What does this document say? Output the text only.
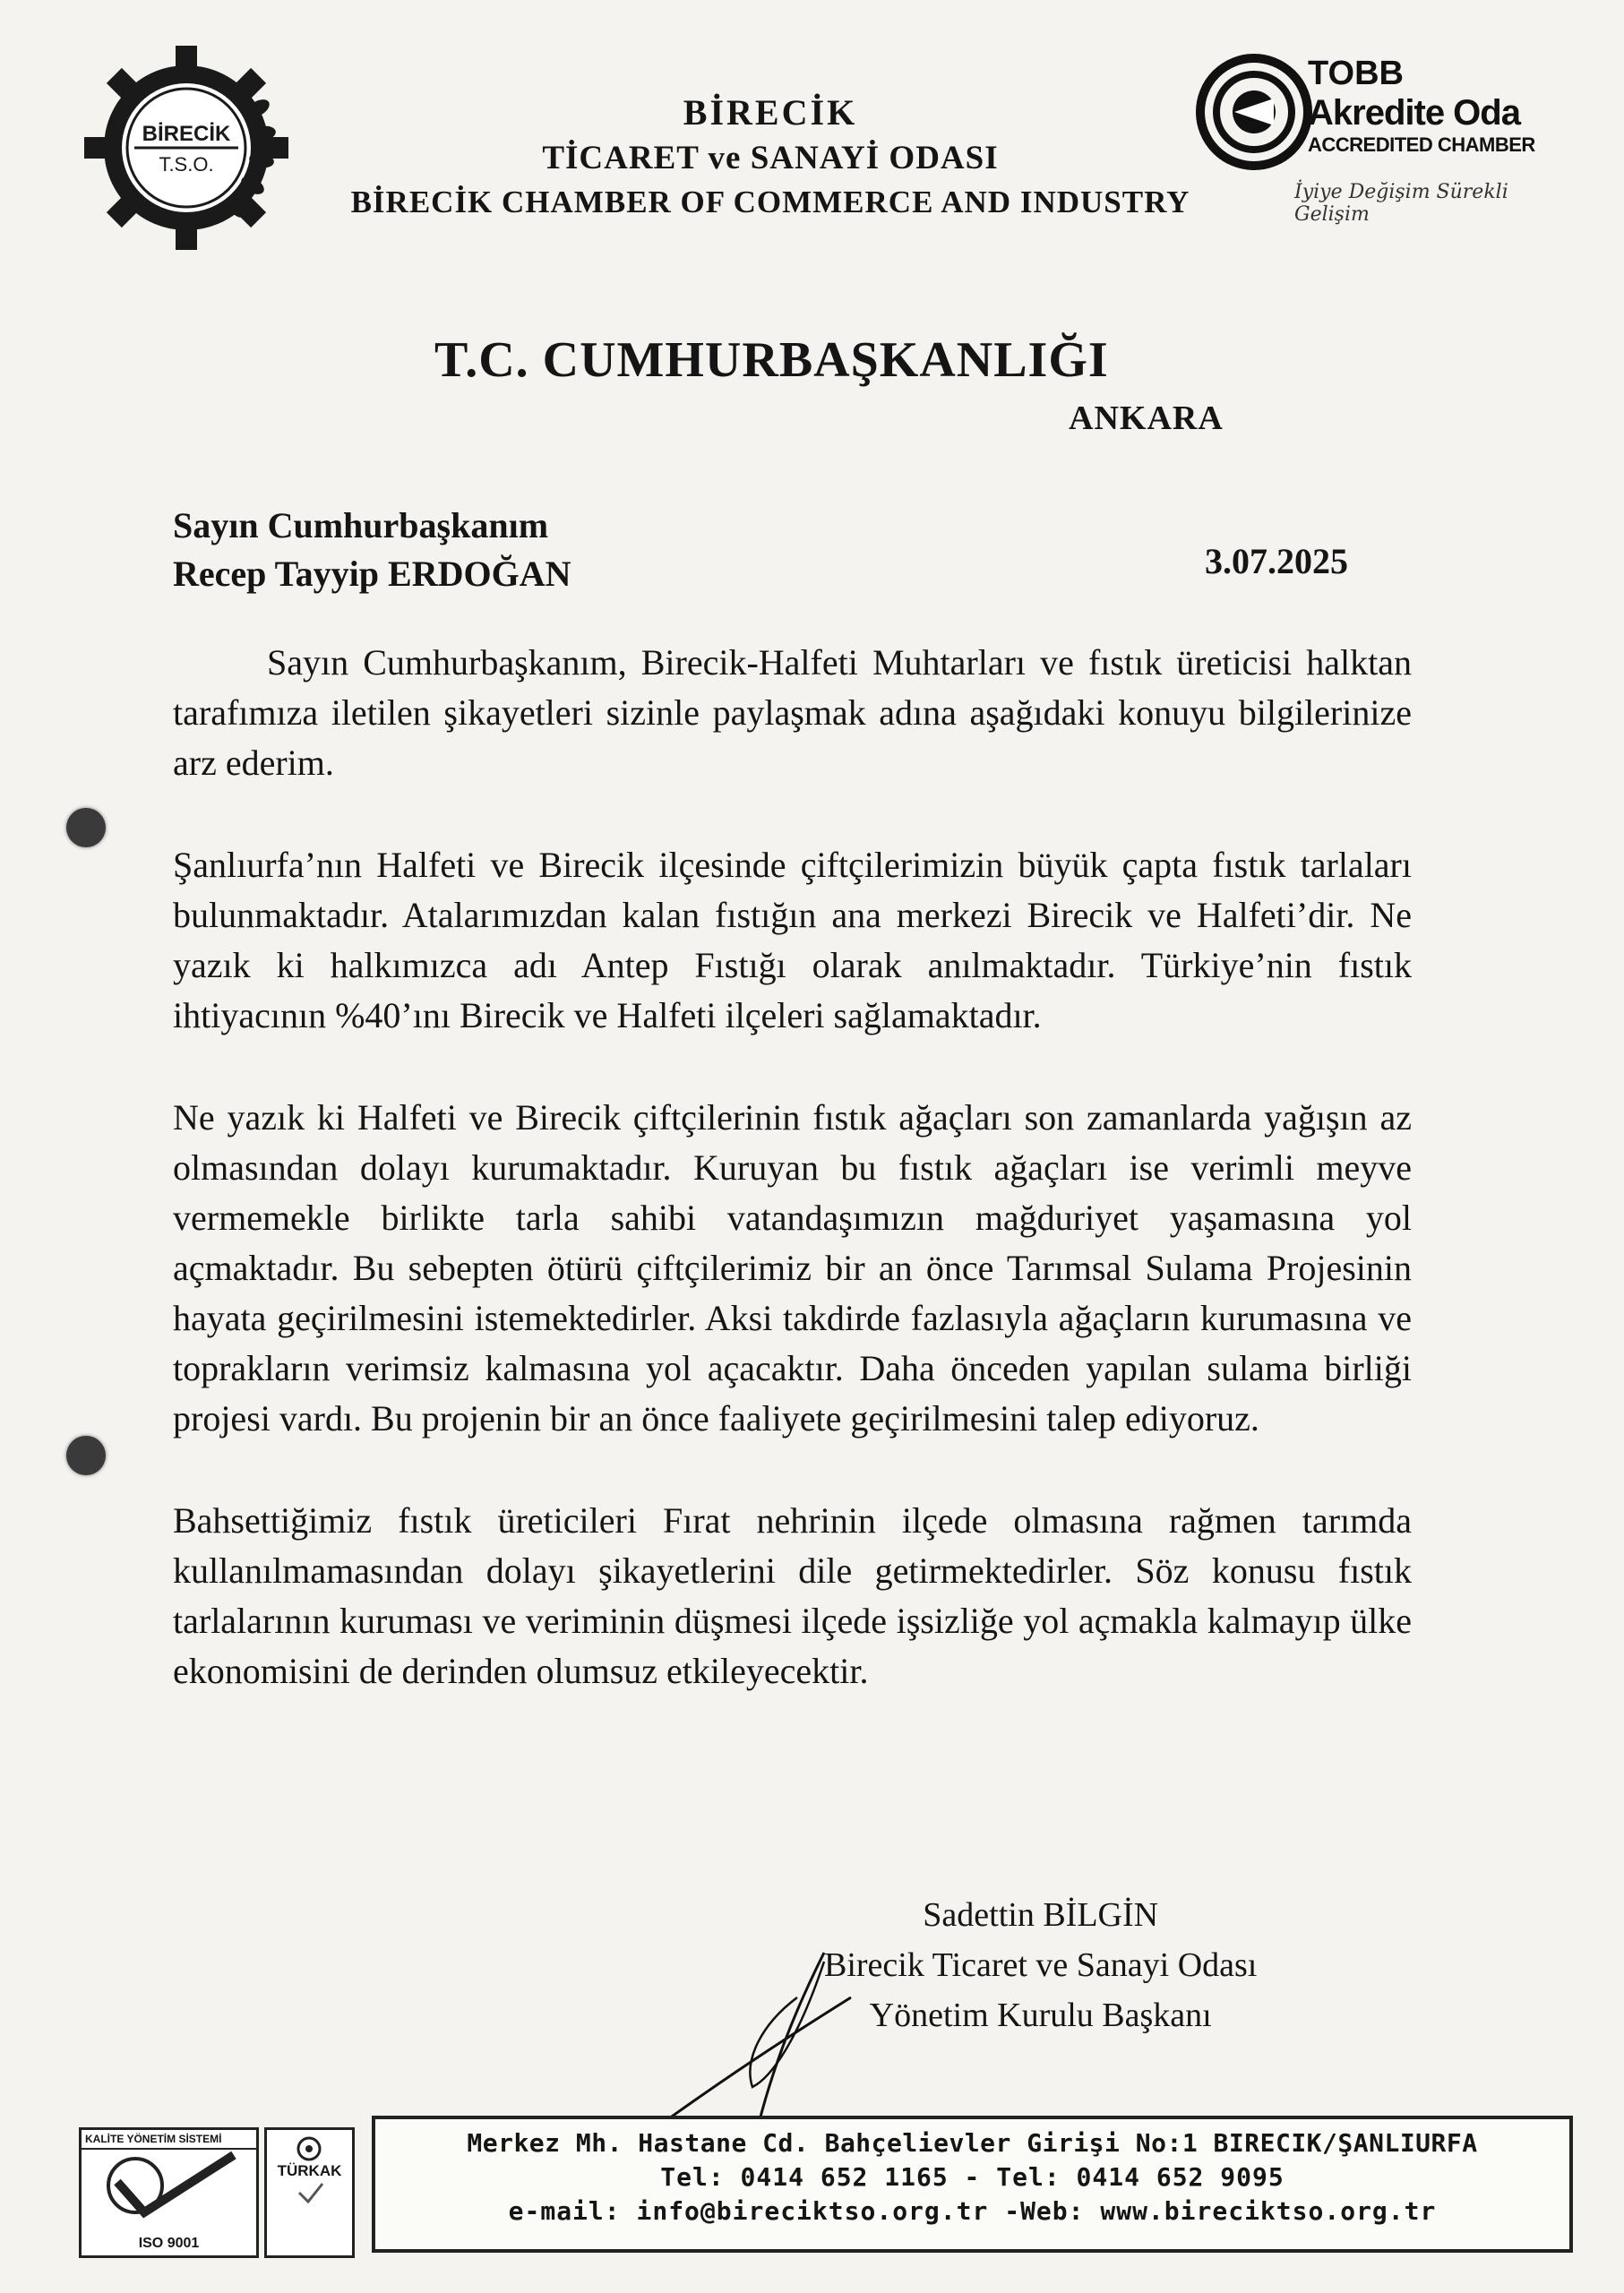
BİRECİK
T.S.O.
BİRECİK
TİCARET ve SANAYİ ODASI
BİRECİK CHAMBER OF COMMERCE AND INDUSTRY
TOBB
Akredite Oda
ACCREDITED CHAMBER
İyiye Değişim Sürekli Gelişim
T.C. CUMHURBAŞKANLIĞI
ANKARA
Sayın Cumhurbaşkanım
Recep Tayyip ERDOĞAN	3.07.2025

Sayın Cumhurbaşkanım, Birecik-Halfeti Muhtarları ve fıstık üreticisi halktan tarafımıza iletilen şikayetleri sizinle paylaşmak adına aşağıdaki konuyu bilgilerinize arz ederim.

Şanlıurfa’nın Halfeti ve Birecik ilçesinde çiftçilerimizin büyük çapta fıstık tarlaları bulunmaktadır. Atalarımızdan kalan fıstığın ana merkezi Birecik ve Halfeti’dir. Ne yazık ki halkımızca adı Antep Fıstığı olarak anılmaktadır. Türkiye’nin fıstık ihtiyacının %40’ını Birecik ve Halfeti ilçeleri sağlamaktadır.

Ne yazık ki Halfeti ve Birecik çiftçilerinin fıstık ağaçları son zamanlarda yağışın az olmasından dolayı kurumaktadır. Kuruyan bu fıstık ağaçları ise verimli meyve vermemekle birlikte tarla sahibi vatandaşımızın mağduriyet yaşamasına yol açmaktadır. Bu sebepten ötürü çiftçilerimiz bir an önce Tarımsal Sulama Projesinin hayata geçirilmesini istemektedirler. Aksi takdirde fazlasıyla ağaçların kurumasına ve toprakların verimsiz kalmasına yol açacaktır. Daha önceden yapılan sulama birliği projesi vardı. Bu projenin bir an önce faaliyete geçirilmesini talep ediyoruz.

Bahsettiğimiz fıstık üreticileri Fırat nehrinin ilçede olmasına rağmen tarımda kullanılmamasından dolayı şikayetlerini dile getirmektedirler. Söz konusu fıstık tarlalarının kuruması ve veriminin düşmesi ilçede işsizliğe yol açmakla kalmayıp ülke ekonomisini de derinden olumsuz etkileyecektir.

Sadettin BİLGİN
Birecik Ticaret ve Sanayi Odası
Yönetim Kurulu Başkanı
KALİTE YÖNETİM SİSTEMİ
ISO 9001
TÜRKAK
Merkez Mh. Hastane Cd. Bahçelievler Girişi No:1 BIRECIK/ŞANLIURFA
Tel: 0414 652 1165 - Tel: 0414 652 9095
e-mail: info@bireciktso.org.tr -Web: www.bireciktso.org.tr
